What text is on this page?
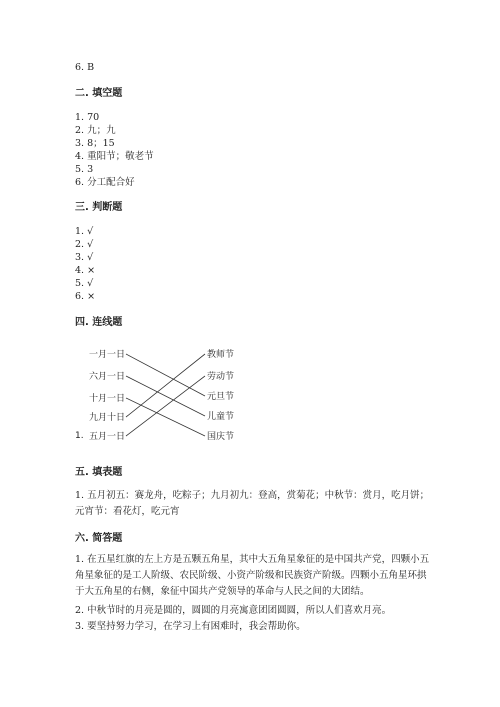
6. B
二. 填空题
1. 70
2. 九；九
3. 8；15
4. 重阳节；敬老节
5. 3
6. 分工配合好
三. 判断题
1. √
2. √
3. √
4. ×
5. √
6. ×
四. 连线题
1.
一月一日
六月一日
十月一日
九月十日
五月一日
教师节
劳动节
元旦节
儿童节
国庆节
五. 填表题
1. 五月初五：赛龙舟，吃粽子；九月初九：登高，赏菊花；中秋节：赏月，吃月饼；元宵节：看花灯，吃元宵
六. 简答题
1. 在五星红旗的左上方是五颗五角星，其中大五角星象征的是中国共产党，四颗小五角星象征的是工人阶级、农民阶级、小资产阶级和民族资产阶级。四颗小五角星环拱于大五角星的右侧，象征中国共产党领导的革命与人民之间的大团结。
2. 中秋节时的月亮是圆的，圆圆的月亮寓意团团圆圆，所以人们喜欢月亮。
3. 要坚持努力学习，在学习上有困难时，我会帮助你。
